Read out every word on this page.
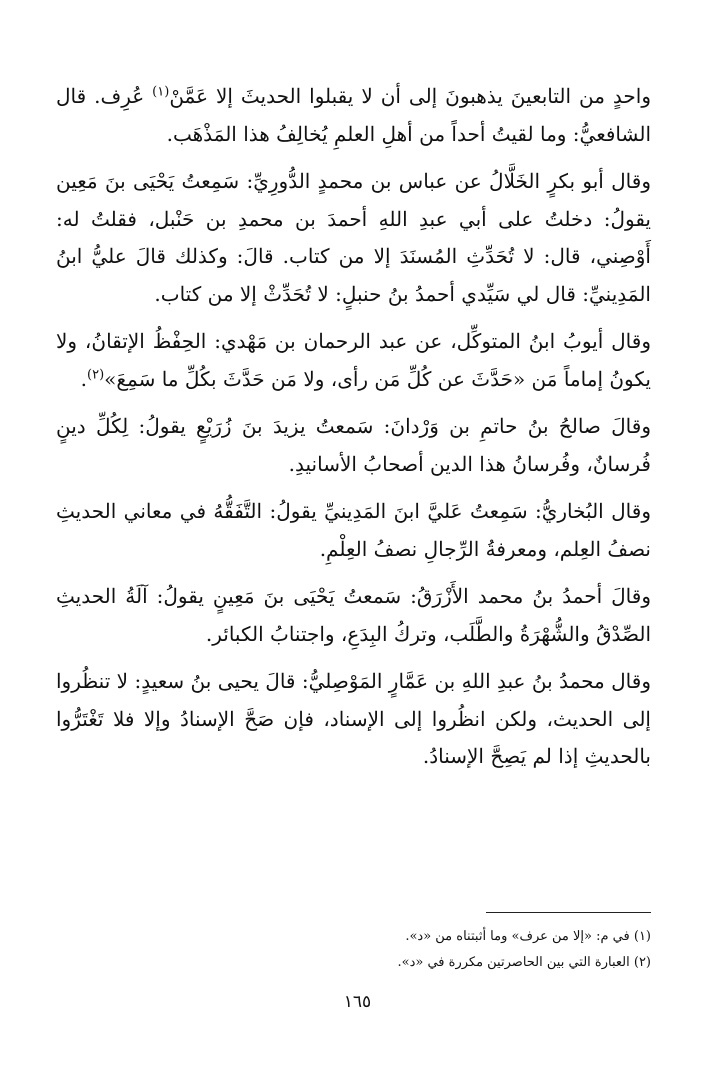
واحدٍ من التابعينَ يذهبونَ إلى أن لا يقبلوا الحديثَ إلا عَمَّنْ$^{(١)}$ عُرِف. قال الشافعيُّ: وما لقيتُ أحداً من أهلِ العلمِ يُخالِفُ هذا المَذْهَب.

وقال أبو بكرٍ الخَلَّالُ عن عباس بن محمدٍ الدُّورِيِّ: سَمِعتُ يَحْيَى بنَ مَعِين يقولُ: دخلتُ على أبي عبدِ اللهِ أحمدَ بن محمدِ بن حَنْبل، فقلتُ له: أَوْصِني، قال: لا تُحَدِّثِ المُسنَدَ إلا من كتاب. قالَ: وكذلك قالَ عليُّ ابنُ المَدِينيِّ: قال لي سَيِّدي أحمدُ بنُ حنبلٍ: لا تُحَدِّثْ إلا من كتاب.

وقال أيوبُ ابنُ المتوكِّل، عن عبد الرحمان بن مَهْدي: الحِفْظُ الإتقانُ، ولا يكونُ إماماً مَن «حَدَّثَ عن كُلِّ مَن رأى، ولا مَن حَدَّثَ بكُلِّ ما سَمِعَ»$^{(٢)}$.

وقالَ صالحُ بنُ حاتمِ بن وَرْدانَ: سَمعتُ يزيدَ بنَ زُرَيْعٍ يقولُ: لِكُلِّ دينٍ فُرسانٌ، وفُرسانُ هذا الدين أصحابُ الأسانيدِ.

وقال البُخاريُّ: سَمِعتُ عَليَّ ابنَ المَدِينيِّ يقولُ: التَّفَقُّهُ في معاني الحديثِ نصفُ العِلم، ومعرفةُ الرِّجالِ نصفُ العِلْمِ.

وقالَ أحمدُ بنُ محمد الأَزْرَقُ: سَمعتُ يَحْيَى بنَ مَعِينٍ يقولُ: آلَةُ الحديثِ الصِّدْقُ والشُّهْرَةُ والطَّلَب، وتركُ البِدَعِ، واجتنابُ الكبائر.

وقال محمدُ بنُ عبدِ اللهِ بن عَمَّارٍ المَوْصِليُّ: قالَ يحيى بنُ سعيدٍ: لا تنظُروا إلى الحديث، ولكن انظُروا إلى الإسناد، فإن صَحَّ الإسنادُ وإلا فلا تَغْتَرُّوا بالحديثِ إذا لم يَصِحَّ الإسنادُ.

(١) في م: «إلا من عرف» وما أثبتناه من «د».

(٢) العبارة التي بين الحاصرتين مكررة في «د».

١٦٥
